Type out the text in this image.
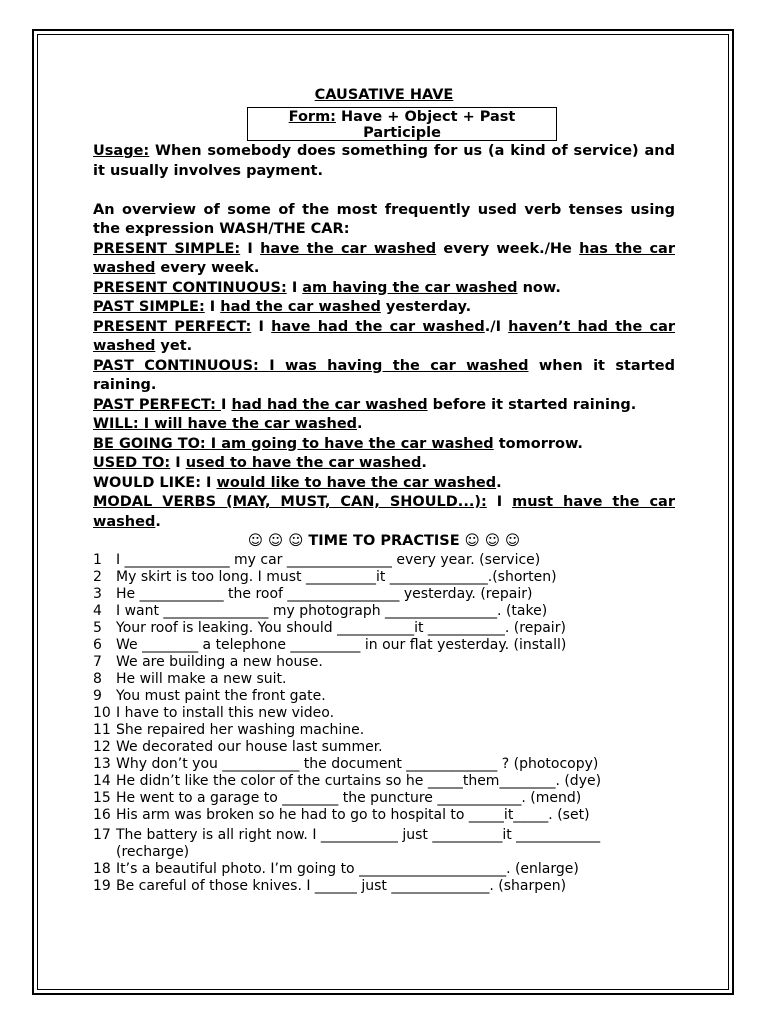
CAUSATIVE HAVE
Form: Have + Object + Past
Participle

Usage: When somebody does something for us (a kind of service) and it usually involves payment.

An overview of some of the most frequently used verb tenses using the expression WASH/THE CAR:

PRESENT SIMPLE: I have the car washed every week./He has the car washed every week.

PRESENT CONTINUOUS: I am having the car washed now.

PAST SIMPLE: I had the car washed yesterday.

PRESENT PERFECT: I have had the car washed./I haven’t had the car washed yet.

PAST CONTINUOUS: I was having the car washed when it started raining.

PAST PERFECT: I had had the car washed before it started raining.

WILL: I will have the car washed.

BE GOING TO: I am going to have the car washed tomorrow.

USED TO: I used to have the car washed.

WOULD LIKE: I would like to have the car washed.

MODAL VERBS (MAY, MUST, CAN, SHOULD...): I must have the car washed.

☺ ☺ ☺ TIME TO PRACTISE ☺ ☺ ☺
1	I _______________ my car _______________ every year. (service)
2	My skirt is too long. I must __________it ______________.(shorten)
3	He ____________ the roof ________________ yesterday. (repair)
4	I want _______________ my photograph ________________. (take)
5	Your roof is leaking. You should ___________it ___________. (repair)
6	We ________ a telephone __________ in our flat yesterday. (install)
7	We are building a new house.
8	He will make a new suit.
9	You must paint the front gate.
10 I have to install this new video.
11 She repaired her washing machine.
12 We decorated our house last summer.
13 Why don’t you ___________ the document _____________ ? (photocopy)
14 He didn’t like the color of the curtains so he _____them________. (dye)
15 He went to a garage to ________ the puncture ____________. (mend)
16 His arm was broken so he had to go to hospital to _____it_____. (set)
17 The battery is all right now. I ___________ just __________it ____________ (recharge)
18 It’s a beautiful photo. I’m going to _____________________. (enlarge)
19 Be careful of those knives. I ______ just ______________. (sharpen)
